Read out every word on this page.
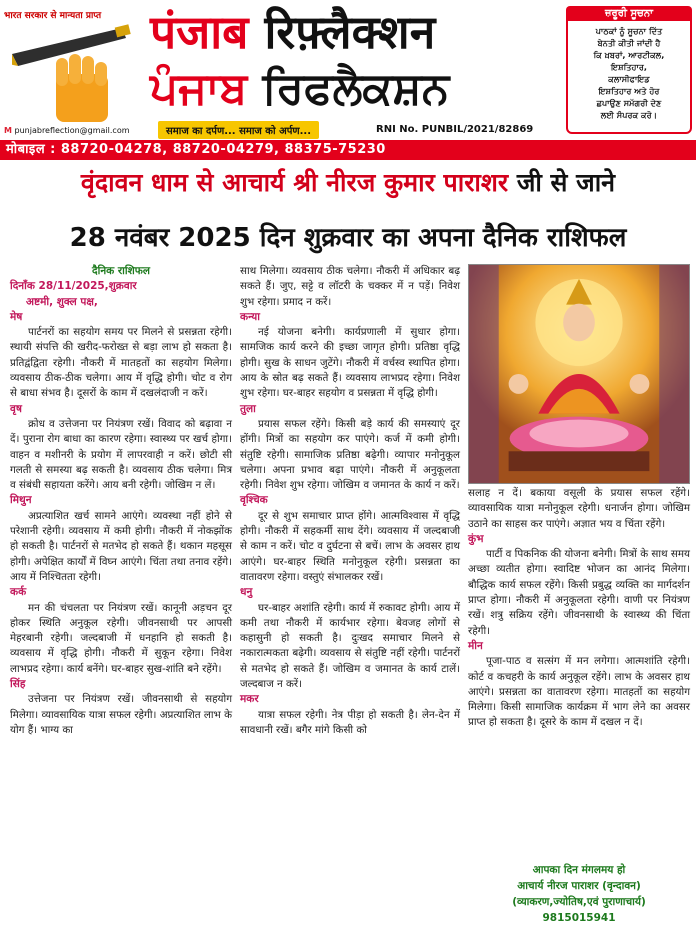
भारत सरकार से मान्यता प्राप्त पंजाब रिफ़्लैक्शन
ਪੰਜਾਬ ਰਿਫਲੈਕਸ਼ਨ
M punjabreflection@gmail.com	समाज का दर्पण... समाज को अर्पण...	RNI No. PUNBIL/2021/82869
ਜ਼ਰੂਰੀ ਸੂਚਨਾ
ਪਾਠਕਾਂ ਨੂੰ ਸੂਚਨਾ ਦਿੱਤ
ਬੇਨਤੀ ਕੀਤੀ ਜਾਂਦੀ ਹੈ
ਕਿ ਖ਼ਬਰਾਂ, ਆਰਟੀਕਲ,
ਇਸ਼ਤਿਹਾਰ,
ਕਲਾਸੀਫਾਇਡ
ਇਸ਼ਤਿਹਾਰ ਅਤੇ ਹੋਰ
ਛਪਾਉਣ ਸਮੱਗਰੀ ਦੇਣ
ਲਈ ਸੰਪਰਕ ਕਰੋ।
मोबाइल : 88720-04278, 88720-04279, 88375-75230
वृंदावन धाम से आचार्य श्री नीरज कुमार पाराशर जी से जाने
28 नवंबर 2025 दिन शुक्रवार का अपना दैनिक राशिफल

दैनिक राशिफल

दिनाँक 28/11/2025,शुक्रवार

अष्टमी, शुक्ल पक्ष,

मेष

पार्टनरों का सहयोग समय पर मिलने से प्रसन्नता रहेगी। स्थायी संपत्ति की खरीद-फरोख्त से बड़ा लाभ हो सकता है। प्रतिद्वंद्विता रहेगी। नौकरी में मातहतों का सहयोग मिलेगा। व्यवसाय ठीक-ठीक चलेगा। आय में वृद्धि होगी। चोट व रोग से बाधा संभव है। दूसरों के काम में दखलंदाजी न करें।

वृष

क्रोध व उत्तेजना पर नियंत्रण रखें। विवाद को बढ़ावा न दें। पुराना रोग बाधा का कारण रहेगा। स्वास्थ्य पर खर्च होगा। वाहन व मशीनरी के प्रयोग में लापरवाही न करें। छोटी सी गलती से समस्या बढ़ सकती है। व्यवसाय ठीक चलेगा। मित्र व संबंधी सहायता करेंगे। आय बनी रहेगी। जोखिम न लें।

मिथुन

अप्रत्याशित खर्च सामने आएंगे। व्यवस्था नहीं होने से परेशानी रहेगी। व्यवसाय में कमी होगी। नौकरी में नोकझोंक हो सकती है। पार्टनरों से मतभेद हो सकते हैं। थकान महसूस होगी। अपेक्षित कार्यों में विघ्न आएंगे। चिंता तथा तनाव रहेंगे। आय में निश्चितता रहेगी।

कर्क

मन की चंचलता पर नियंत्रण रखें। कानूनी अड़चन दूर होकर स्थिति अनुकूल रहेगी। जीवनसाथी पर आपसी मेहरबानी रहेगी। जल्दबाजी में धनहानि हो सकती है। व्यवसाय में वृद्धि होगी। नौकरी में सुकून रहेगा। निवेश लाभप्रद रहेगा। कार्य बनेंगे। घर-बाहर सुख-शांति बने रहेंगे।

सिंह

उत्तेजना पर नियंत्रण रखें। जीवनसाथी से सहयोग मिलेगा। व्यावसायिक यात्रा सफल रहेगी। अप्रत्याशित लाभ के योग हैं। भाग्य का

साथ मिलेगा। व्यवसाय ठीक चलेगा। नौकरी में अधिकार बढ़ सकते हैं। जुए, सट्टे व लॉटरी के चक्कर में न पड़ें। निवेश शुभ रहेगा। प्रमाद न करें।

कन्या

नई योजना बनेगी। कार्यप्रणाली में सुधार होगा। सामजिक कार्य करने की इच्छा जागृत होगी। प्रतिष्ठा वृद्धि होगी। सुख के साधन जुटेंगे। नौकरी में वर्चस्व स्थापित होगा। आय के स्रोत बढ़ सकते हैं। व्यवसाय लाभप्रद रहेगा। निवेश शुभ रहेगा। घर-बाहर सहयोग व प्रसन्नता में वृद्धि होगी।

तुला

प्रयास सफल रहेंगे। किसी बड़े कार्य की समस्याएं दूर होंगी। मित्रों का सहयोग कर पाएंगे। कर्ज में कमी होगी। संतुष्टि रहेगी। सामाजिक प्रतिष्ठा बढ़ेगी। व्यापार मनोनुकूल चलेगा। अपना प्रभाव बढ़ा पाएंगे। नौकरी में अनुकूलता रहेगी। निवेश शुभ रहेगा। जोखिम व जमानत के कार्य न करें।

वृश्चिक

दूर से शुभ समाचार प्राप्त होंगे। आत्मविश्वास में वृद्धि होगी। नौकरी में सहकर्मी साथ देंगे। व्यवसाय में जल्दबाजी से काम न करें। चोट व दुर्घटना से बचें। लाभ के अवसर हाथ आएंगे। घर-बाहर स्थिति मनोनुकूल रहेगी। प्रसन्नता का वातावरण रहेगा। वस्तुएं संभालकर रखें।

धनु

घर-बाहर अशांति रहेगी। कार्य में रुकावट होगी। आय में कमी तथा नौकरी में कार्यभार रहेगा। बेवजह लोगों से कहासुनी हो सकती है। दुःखद समाचार मिलने से नकारात्मकता बढ़ेगी। व्यवसाय से संतुष्टि नहीं रहेगी। पार्टनरों से मतभेद हो सकते हैं। जोखिम व जमानत के कार्य टालें। जल्दबाज न करें।

मकर

यात्रा सफल रहेगी। नेत्र पीड़ा हो सकती है। लेन-देन में सावधानी रखें। बगैर मांगे किसी को

सलाह न दें। बकाया वसूली के प्रयास सफल रहेंगे। व्यावसायिक यात्रा मनोनुकूल रहेगी। धनार्जन होगा। जोखिम उठाने का साहस कर पाएंगे। अज्ञात भय व चिंता रहेंगे।

कुंभ

पार्टी व पिकनिक की योजना बनेगी। मित्रों के साथ समय अच्छा व्यतीत होगा। स्वादिष्ट भोजन का आनंद मिलेगा। बौद्धिक कार्य सफल रहेंगे। किसी प्रबुद्ध व्यक्ति का मार्गदर्शन प्राप्त होगा। नौकरी में अनुकूलता रहेगी। वाणी पर नियंत्रण रखें। शत्रु सक्रिय रहेंगे। जीवनसाथी के स्वास्थ्य की चिंता रहेगी।

मीन

पूजा-पाठ व सत्संग में मन लगेगा। आत्मशांति रहेगी। कोर्ट व कचहरी के कार्य अनुकूल रहेंगे। लाभ के अवसर हाथ आएंगे। प्रसन्नता का वातावरण रहेगा। मातहतों का सहयोग मिलेगा। किसी सामाजिक कार्यक्रम में भाग लेने का अवसर प्राप्त हो सकता है। दूसरे के काम में दखल न दें।

आपका दिन मंगलमय हो
आचार्य नीरज पाराशर (वृन्दावन)
(व्याकरण,ज्योतिष,एवं पुराणाचार्य)
9815015941
